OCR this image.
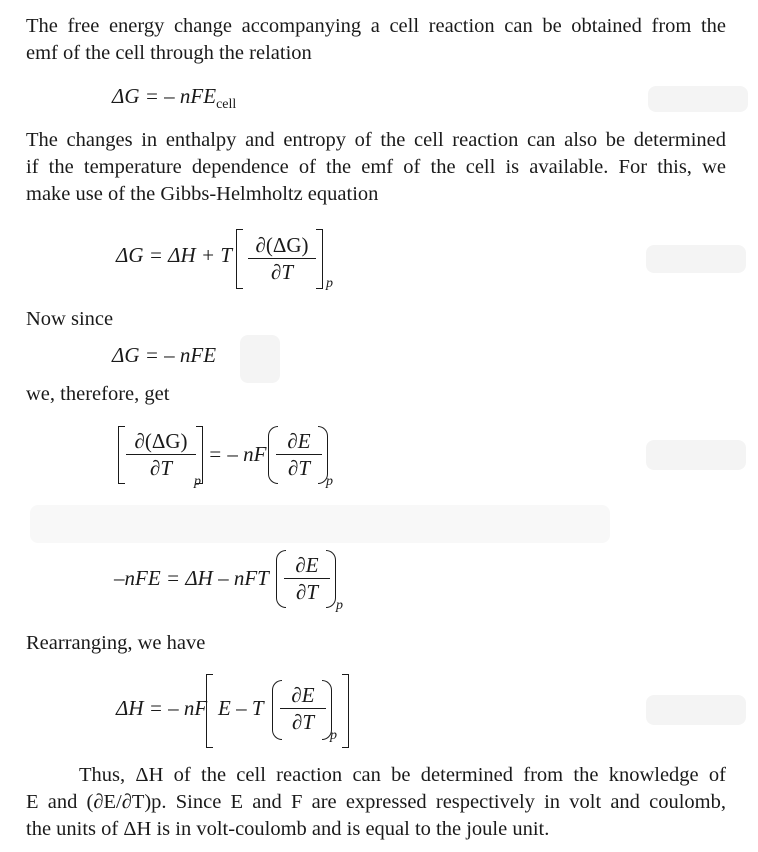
The free energy change accompanying a cell reaction can be obtained from the
emf of the cell through the relation
ΔG = – nFE$_{cell}$
The changes in enthalpy and entropy of the cell reaction can also be determined
if the temperature dependence of the emf of the cell is available. For this, we
make use of the Gibbs-Helmholtz equation
ΔG = ΔH + T $\frac{\partial(\Delta G)}{\partial T}$ p
Now since
ΔG = – nFE
we, therefore, get
$\frac{\partial(\Delta G)}{\partial T}$
p
= – nF $\frac{\partial E}{\partial T}$
p
–nFE = ΔH – nFT $\frac{\partial E}{\partial T}$
p
Rearranging, we have
ΔH = – nF E – T $\frac{\partial E}{\partial T}$
p
Thus, ΔH of the cell reaction can be determined from the knowledge of
E and (∂E/∂T)p. Since E and F are expressed respectively in volt and coulomb,
the units of ΔH is in volt-coulomb and is equal to the joule unit.
